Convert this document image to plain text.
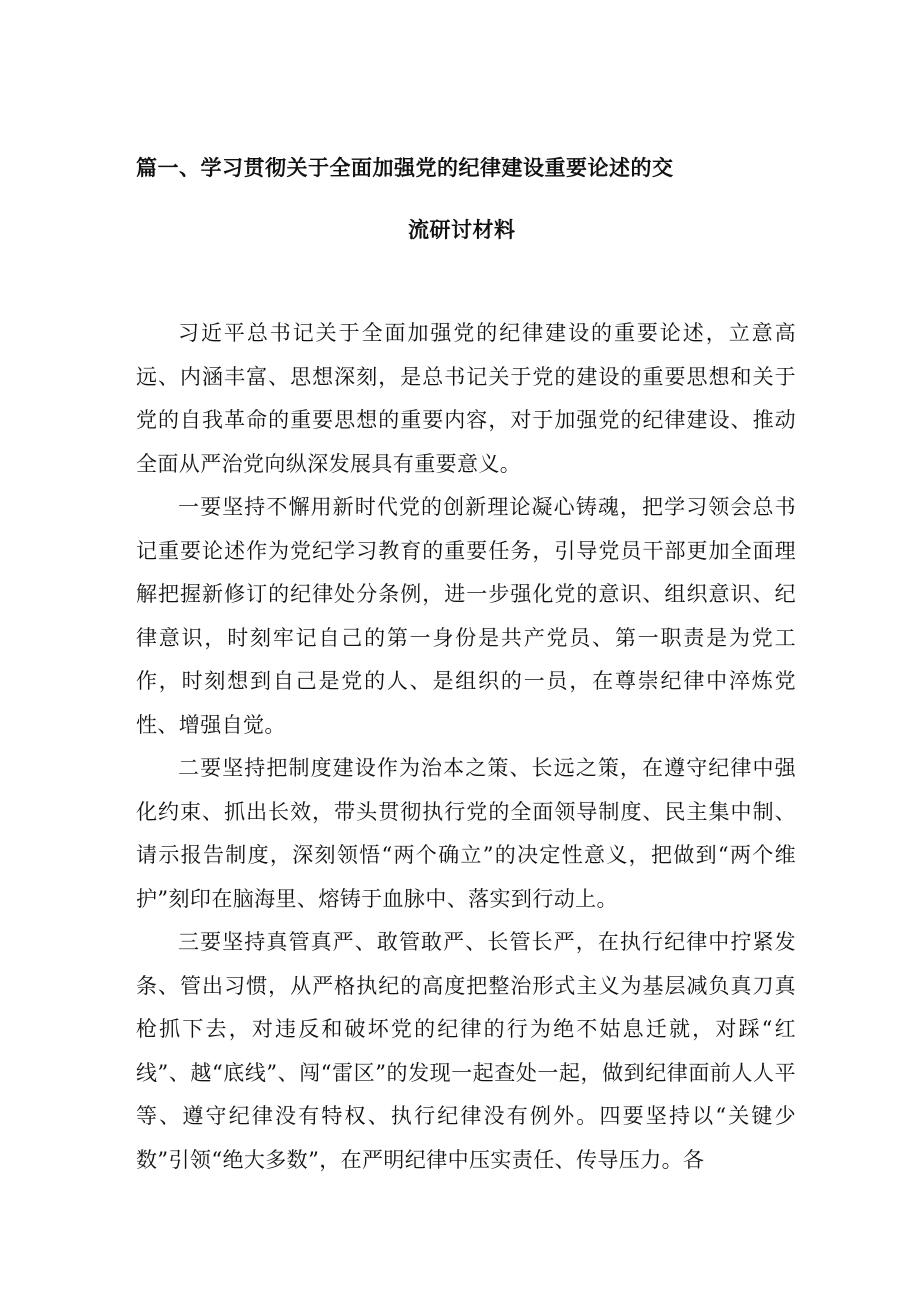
篇一、学习贯彻关于全面加强党的纪律建设重要论述的交
流研讨材料

习近平总书记关于全面加强党的纪律建设的重要论述，立意高远、内涵丰富、思想深刻，是总书记关于党的建设的重要思想和关于党的自我革命的重要思想的重要内容，对于加强党的纪律建设、推动全面从严治党向纵深发展具有重要意义。

一要坚持不懈用新时代党的创新理论凝心铸魂，把学习领会总书记重要论述作为党纪学习教育的重要任务，引导党员干部更加全面理解把握新修订的纪律处分条例，进一步强化党的意识、组织意识、纪律意识，时刻牢记自己的第一身份是共产党员、第一职责是为党工作，时刻想到自己是党的人、是组织的一员，在尊崇纪律中淬炼党性、增强自觉。

二要坚持把制度建设作为治本之策、长远之策，在遵守纪律中强化约束、抓出长效，带头贯彻执行党的全面领导制度、民主集中制、请示报告制度，深刻领悟“两个确立”的决定性意义，把做到“两个维护”刻印在脑海里、熔铸于血脉中、落实到行动上。

三要坚持真管真严、敢管敢严、长管长严，在执行纪律中拧紧发条、管出习惯，从严格执纪的高度把整治形式主义为基层减负真刀真枪抓下去，对违反和破坏党的纪律的行为绝不姑息迁就，对踩“红线”、越“底线”、闯“雷区”的发现一起查处一起，做到纪律面前人人平等、遵守纪律没有特权、执行纪律没有例外。四要坚持以“关键少数”引领“绝大多数”，在严明纪律中压实责任、传导压力。各
